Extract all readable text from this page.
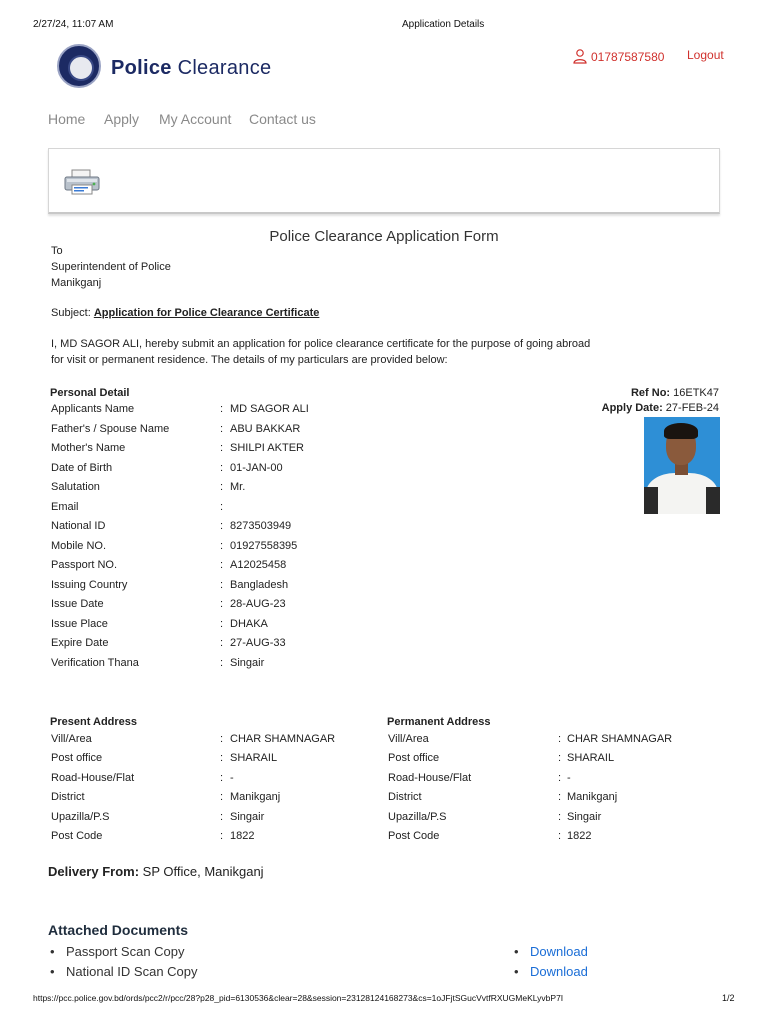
2/27/24, 11:07 AM	Application Details
Police Clearance	01787587580 Logout
Home Apply My Account Contact us
Police Clearance Application Form
To
Superintendent of Police
Manikganj
Subject: Application for Police Clearance Certificate
I, MD SAGOR ALI, hereby submit an application for police clearance certificate for the purpose of going abroad
for visit or permanent residence. The details of my particulars are provided below:
Personal Detail	Ref No: 16ETK47
Apply Date: 27-FEB-24
Applicants Name	: MD SAGOR ALI
Father's / Spouse Name	: ABU BAKKAR
Mother's Name	: SHILPI AKTER
Date of Birth	: 01-JAN-00
Salutation	: Mr.
Email	:
National ID	: 8273503949
Mobile NO.	: 01927558395
Passport NO.	: A12025458
Issuing Country	: Bangladesh
Issue Date	: 28-AUG-23
Issue Place	: DHAKA
Expire Date	: 27-AUG-33
Verification Thana	: Singair
Present Address	Permanent Address
Vill/Area	: CHAR SHAMNAGAR
Post office	: SHARAIL
Road-House/Flat	: -
District	: Manikganj
Upazilla/P.S	: Singair
Post Code	: 1822
Vill/Area	: CHAR SHAMNAGAR
Post office	: SHARAIL
Road-House/Flat	: -
District	: Manikganj
Upazilla/P.S	: Singair
Post Code	: 1822
Delivery From: SP Office, Manikganj
Attached Documents
• Passport Scan Copy
• National ID Scan Copy
• Download
• Download
https://pcc.police.gov.bd/ords/pcc2/r/pcc/28?p28_pid=6130536&clear=28&session=23128124168273&cs=1oJFjtSGucVvtfRXUGMeKLyvbP7I	1/2
